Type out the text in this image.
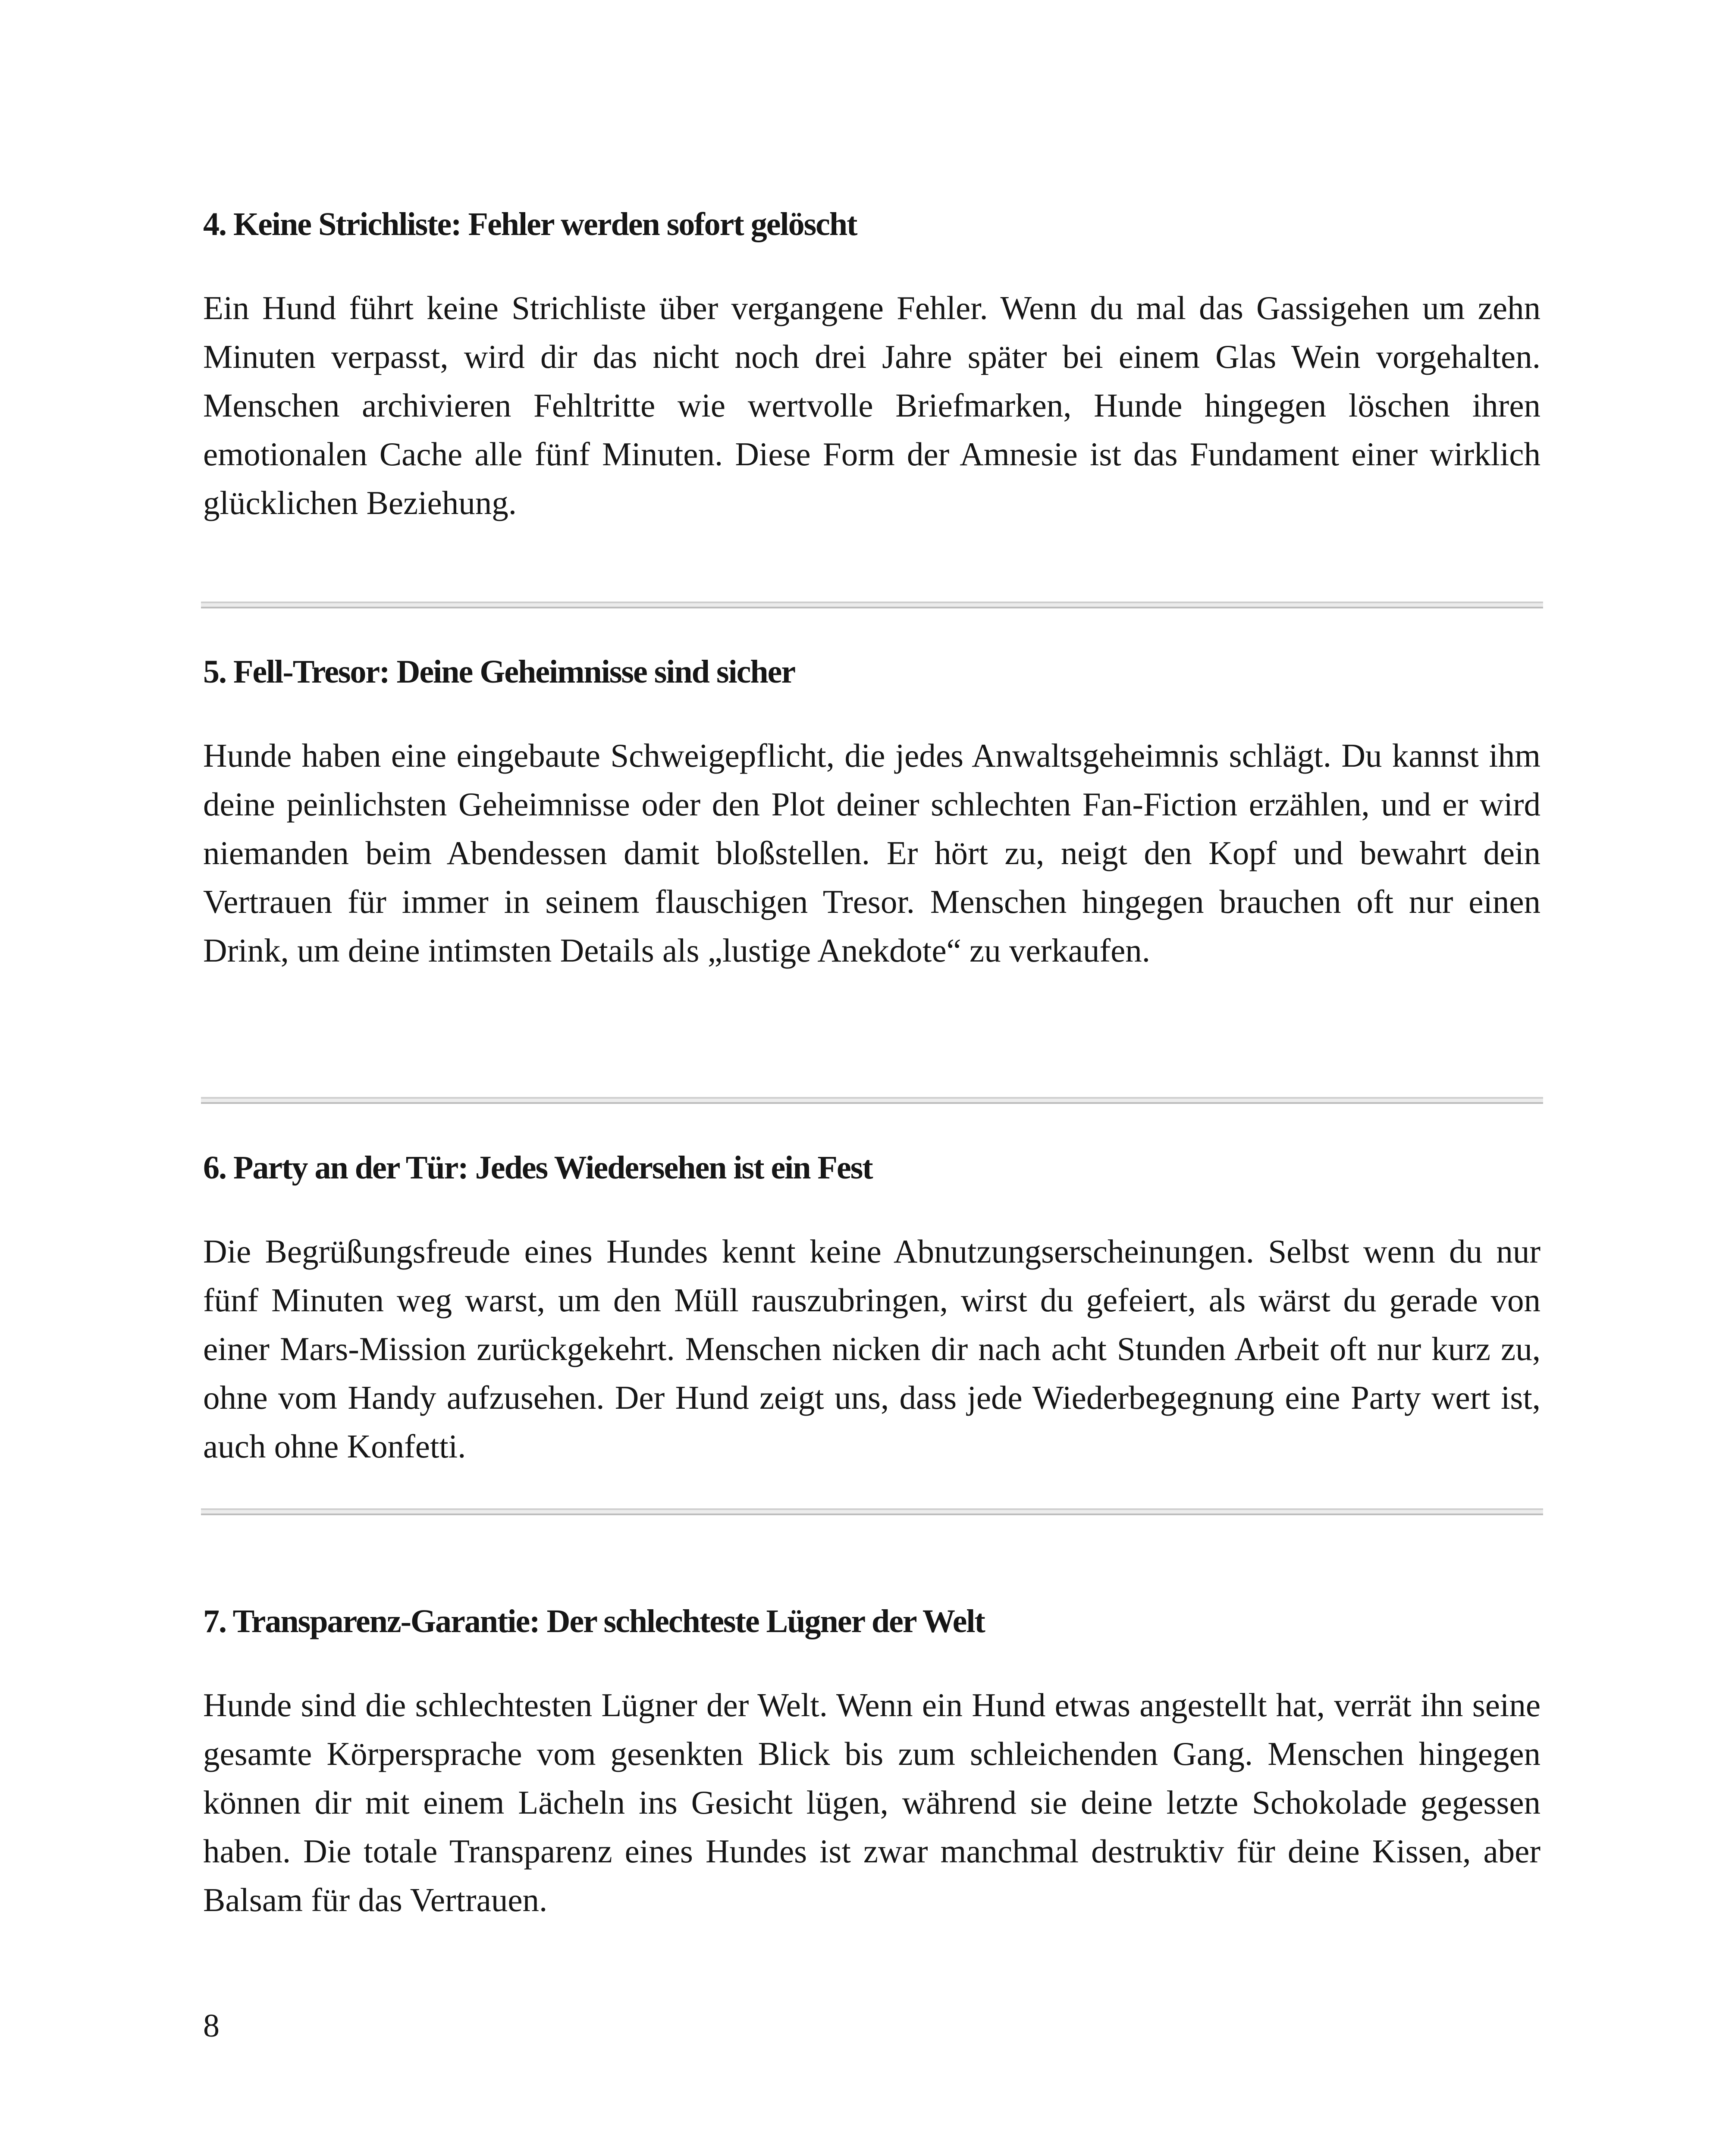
4. Keine Strichliste: Fehler werden sofort gelöscht

Ein Hund führt keine Strichliste über vergangene Fehler. Wenn du mal das Gassigehen um zehn Minuten verpasst, wird dir das nicht noch drei Jahre später bei einem Glas Wein vorgehalten. Menschen archivieren Fehltritte wie wertvolle Briefmarken, Hunde hingegen löschen ihren emotionalen Cache alle fünf Minuten. Diese Form der Amnesie ist das Fundament einer wirklich glücklichen Beziehung.

5. Fell-Tresor: Deine Geheimnisse sind sicher

Hunde haben eine eingebaute Schweigepflicht, die jedes Anwaltsgeheimnis schlägt. Du kannst ihm deine peinlichsten Geheimnisse oder den Plot deiner schlechten Fan-Fiction erzählen, und er wird niemanden beim Abendessen damit bloßstellen. Er hört zu, neigt den Kopf und bewahrt dein Vertrauen für immer in seinem flauschigen Tresor. Menschen hingegen brauchen oft nur einen Drink, um deine intimsten Details als „lustige Anekdote“ zu verkaufen.

6. Party an der Tür: Jedes Wiedersehen ist ein Fest

Die Begrüßungsfreude eines Hundes kennt keine Abnutzungserscheinungen. Selbst wenn du nur fünf Minuten weg warst, um den Müll rauszubringen, wirst du gefeiert, als wärst du gerade von einer Mars-Mission zurückgekehrt. Menschen nicken dir nach acht Stunden Arbeit oft nur kurz zu, ohne vom Handy aufzusehen. Der Hund zeigt uns, dass jede Wiederbegegnung eine Party wert ist, auch ohne Konfetti.

7. Transparenz-Garantie: Der schlechteste Lügner der Welt

Hunde sind die schlechtesten Lügner der Welt. Wenn ein Hund etwas angestellt hat, verrät ihn seine gesamte Körpersprache vom gesenkten Blick bis zum schleichenden Gang. Menschen hingegen können dir mit einem Lächeln ins Gesicht lügen, während sie deine letzte Schokolade gegessen haben. Die totale Transparenz eines Hundes ist zwar manchmal destruktiv für deine Kissen, aber Balsam für das Vertrauen.

8
